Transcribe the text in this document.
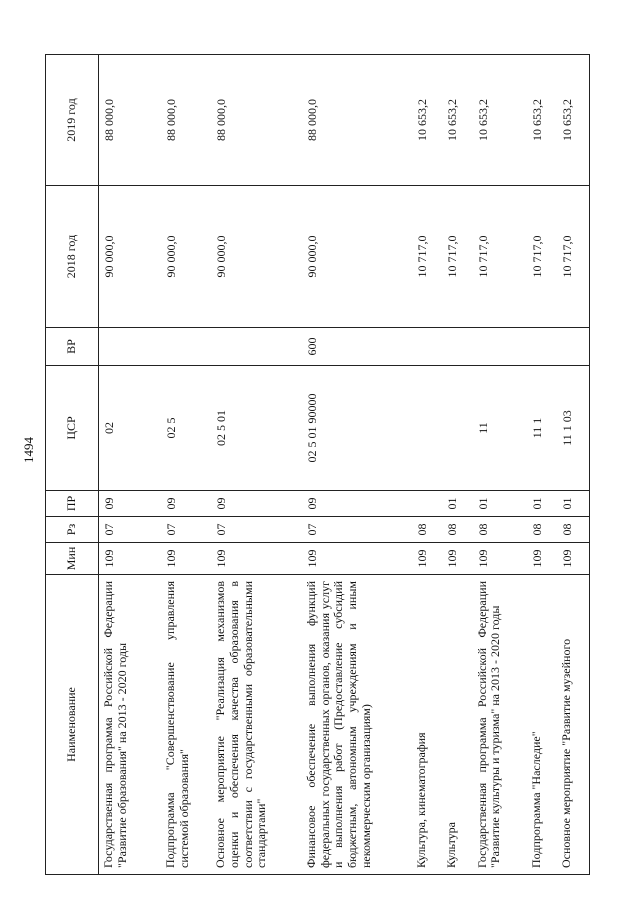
1494
Наименование	Мин	Рз	ПР	ЦСР	ВР	2018 год	2019 год
Государственная программа Российской Федерации "Развитие образования" на 2013 - 2020 годы	109	07	09	02		90 000,0	88 000,0
Подпрограмма "Совершенствование управления системой образования"	109	07	09	02 5		90 000,0	88 000,0
Основное мероприятие "Реализация механизмов оценки и обеспечения качества образования в соответствии с государственными образовательными стандартами"	109	07	09	02 5 01		90 000,0	88 000,0
Финансовое обеспечение выполнения функций федеральных государственных органов, оказания услуг и выполнения работ (Предоставление субсидий бюджетным, автономным учреждениям и иным некоммерческим организациям)	109	07	09	02 5 01 90000	600	90 000,0	88 000,0
Культура, кинематография	109	08				10 717,0	10 653,2
Культура	109	08	01			10 717,0	10 653,2
Государственная программа Российской Федерации "Развитие культуры и туризма" на 2013 - 2020 годы	109	08	01	11		10 717,0	10 653,2
Подпрограмма "Наследие"	109	08	01	11 1		10 717,0	10 653,2
Основное мероприятие "Развитие музейного	109	08	01	11 1 03		10 717,0	10 653,2
